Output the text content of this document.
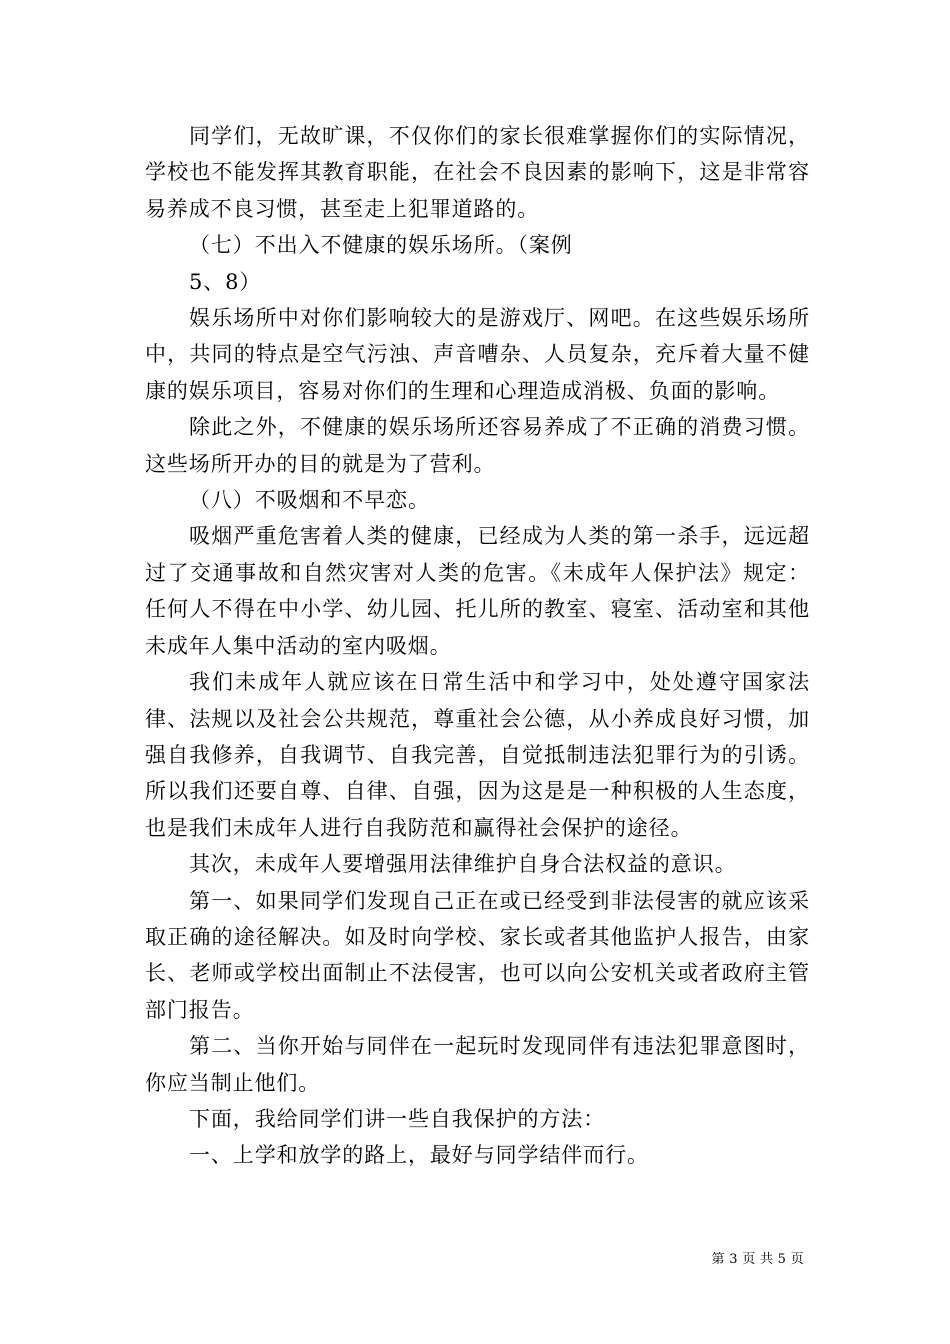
同学们，无故旷课，不仅你们的家长很难掌握你们的实际情况，学校也不能发挥其教育职能，在社会不良因素的影响下，这是非常容易养成不良习惯，甚至走上犯罪道路的。

（七）不出入不健康的娱乐场所。（案例

5、8）

娱乐场所中对你们影响较大的是游戏厅、网吧。在这些娱乐场所中，共同的特点是空气污浊、声音嘈杂、人员复杂，充斥着大量不健康的娱乐项目，容易对你们的生理和心理造成消极、负面的影响。

除此之外，不健康的娱乐场所还容易养成了不正确的消费习惯。这些场所开办的目的就是为了营利。

（八）不吸烟和不早恋。

吸烟严重危害着人类的健康，已经成为人类的第一杀手，远远超过了交通事故和自然灾害对人类的危害。《未成年人保护法》规定：任何人不得在中小学、幼儿园、托儿所的教室、寝室、活动室和其他未成年人集中活动的室内吸烟。

我们未成年人就应该在日常生活中和学习中，处处遵守国家法律、法规以及社会公共规范，尊重社会公德，从小养成良好习惯，加强自我修养，自我调节、自我完善，自觉抵制违法犯罪行为的引诱。所以我们还要自尊、自律、自强，因为这是是一种积极的人生态度，也是我们未成年人进行自我防范和赢得社会保护的途径。

其次，未成年人要增强用法律维护自身合法权益的意识。

第一、如果同学们发现自己正在或已经受到非法侵害的就应该采取正确的途径解决。如及时向学校、家长或者其他监护人报告，由家长、老师或学校出面制止不法侵害，也可以向公安机关或者政府主管部门报告。

第二、当你开始与同伴在一起玩时发现同伴有违法犯罪意图时，你应当制止他们。

下面，我给同学们讲一些自我保护的方法：

一、上学和放学的路上，最好与同学结伴而行。

第 3 页 共 5 页
